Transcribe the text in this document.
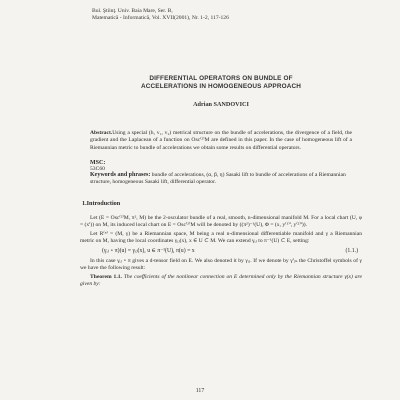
Bul. Ştiinţ. Univ. Baia Mare, Ser. B,
Matematică - Informatică, Vol. XVII(2001), Nr. 1-2, 117-126
DIFFERENTIAL OPERATORS ON BUNDLE OF
ACCELERATIONS IN HOMOGENEOUS APPROACH
Adrian SANDOVICI
Abstract.Using a special (h, v₁, v₂) metrical structure on the bundle of accelerations, the divergence of a field, the gradient and the Laplacean of a function on Osc⁽²⁾M are defined in this paper. In the case of homogeneous lift of a Riemannian metric to bundle of accelerations we obtain some results on differential operators.
MSC:
53C60
Keywords and phrases: bundle of accelerations, (α, β, η) Sasaki lift to bundle of accelerations of a Riemannian structure, homogeneous Sasaki lift, differential operator.
1.Introduction

Let (E = Osc⁽²⁾M, π², M) be the 2-osculator bundle of a real, smooth, n-dimensional manifold M. For a local chart (U, φ = (xⁱ)) on M, its induced local chart on E = Osc⁽²⁾M will be denoted by ((π²)⁻¹(U), Φ = (x, y⁽¹⁾ⁱ, y⁽²⁾ⁱ)).

Let R⁽ⁿ⁾ = (M, γ) be a Riemannian space, M being a real n-dimensional differentiable manifold and γ a Riemannian metric on M, having the local coordinates γᵢⱼ(x), x ∈ U ⊂ M. We can extend γᵢⱼ to π⁻¹(U) ⊂ E, setting:

(γᵢⱼ ∘ π)(u) = γᵢⱼ(x), u ∈ π⁻¹(U), π(u) = x	(1.1.)

In this case γᵢⱼ ∘ π gives a d-tensor field on E. We also denoted it by γᵢⱼ. If we denote by γⁱⱼₖ the Christoffel symbols of γ we have the following result:

Theorem 1.1. The coefficients of the nonlinear connection on E determined only by the Riemannian structure γ(x) are given by:

117
